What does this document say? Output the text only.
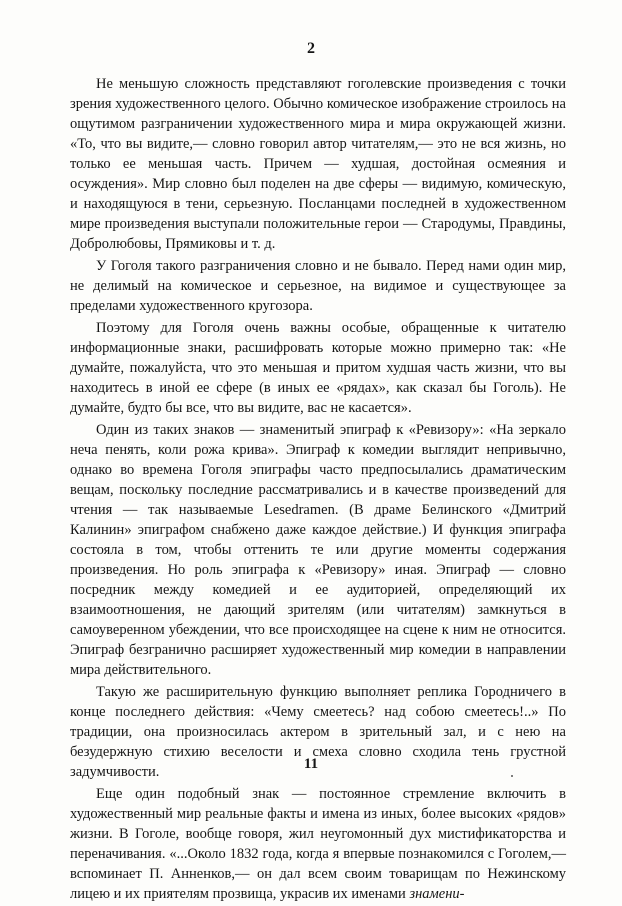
2

Не меньшую сложность представляют гоголевские произведения с точки зрения художественного целого. Обычно комическое изображение строилось на ощутимом разграничении художественного мира и мира окружающей жизни. «То, что вы видите,— словно говорил автор читателям,— это не вся жизнь, но только ее меньшая часть. Причем — худшая, достойная осмеяния и осуждения». Мир словно был поделен на две сферы — видимую, комическую, и находящуюся в тени, серьезную. Посланцами последней в художественном мире произведения выступали положительные герои — Стародумы, Правдины, Добролюбовы, Прямиковы и т. д.

У Гоголя такого разграничения словно и не бывало. Перед нами один мир, не делимый на комическое и серьезное, на видимое и существующее за пределами художественного кругозора.

Поэтому для Гоголя очень важны особые, обращенные к читателю информационные знаки, расшифровать которые можно примерно так: «Не думайте, пожалуйста, что это меньшая и притом худшая часть жизни, что вы находитесь в иной ее сфере (в иных ее «рядах», как сказал бы Гоголь). Не думайте, будто бы все, что вы видите, вас не касается».

Один из таких знаков — знаменитый эпиграф к «Ревизору»: «На зеркало неча пенять, коли рожа крива». Эпиграф к комедии выглядит непривычно, однако во времена Гоголя эпиграфы часто предпосылались драматическим вещам, поскольку последние рассматривались и в качестве произведений для чтения — так называемые Lesedramen. (В драме Белинского «Дмитрий Калинин» эпиграфом снабжено даже каждое действие.) И функция эпиграфа состояла в том, чтобы оттенить те или другие моменты содержания произведения. Но роль эпиграфа к «Ревизору» иная. Эпиграф — словно посредник между комедией и ее аудиторией, определяющий их взаимоотношения, не дающий зрителям (или читателям) замкнуться в самоуверенном убеждении, что все происходящее на сцене к ним не относится. Эпиграф безгранично расширяет художественный мир комедии в направлении мира действительного.

Такую же расширительную функцию выполняет реплика Городничего в конце последнего действия: «Чему смеетесь? над собою смеетесь!..» По традиции, она произносилась актером в зрительный зал, и с нею на безудержную стихию веселости и смеха словно сходила тень грустной задумчивости.

Еще один подобный знак — постоянное стремление включить в художественный мир реальные факты и имена из иных, более высоких «рядов» жизни. В Гоголе, вообще говоря, жил неугомонный дух мистификаторства и переначивания. «...Около 1832 года, когда я впервые познакомился с Гоголем,— вспоминает П. Анненков,— он дал всем своим товарищам по Нежинскому лицею и их приятелям прозвища, украсив их именами знамени-

11
